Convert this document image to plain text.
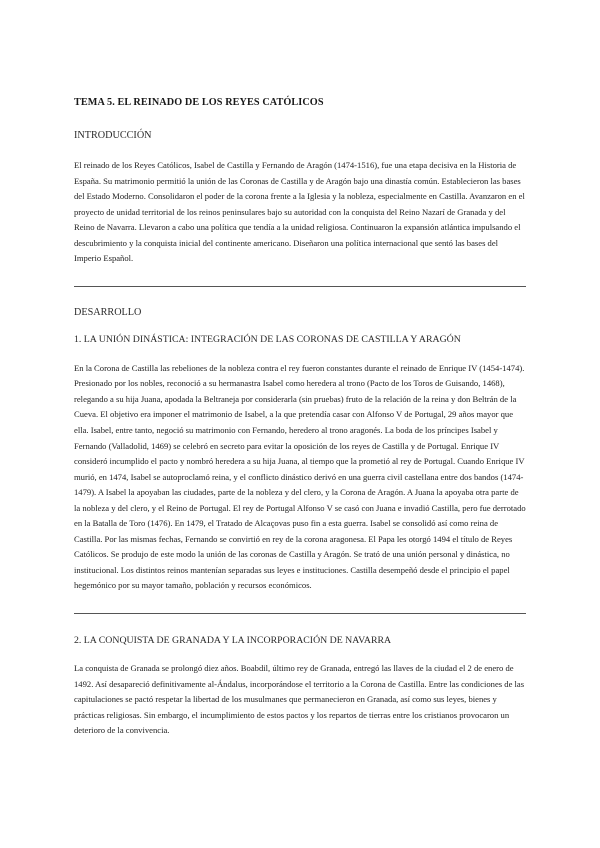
TEMA 5. EL REINADO DE LOS REYES CATÓLICOS
INTRODUCCIÓN

El reinado de los Reyes Católicos, Isabel de Castilla y Fernando de Aragón (1474-1516), fue una etapa decisiva en la Historia de España. Su matrimonio permitió la unión de las Coronas de Castilla y de Aragón bajo una dinastía común. Establecieron las bases del Estado Moderno. Consolidaron el poder de la corona frente a la Iglesia y la nobleza, especialmente en Castilla. Avanzaron en el proyecto de unidad territorial de los reinos peninsulares bajo su autoridad con la conquista del Reino Nazarí de Granada y del Reino de Navarra. Llevaron a cabo una política que tendía a la unidad religiosa. Continuaron la expansión atlántica impulsando el descubrimiento y la conquista inicial del continente americano. Diseñaron una política internacional que sentó las bases del Imperio Español.

DESARROLLO
1. LA UNIÓN DINÁSTICA: INTEGRACIÓN DE LAS CORONAS DE CASTILLA Y ARAGÓN

En la Corona de Castilla las rebeliones de la nobleza contra el rey fueron constantes durante el reinado de Enrique IV (1454-1474). Presionado por los nobles, reconoció a su hermanastra Isabel como heredera al trono (Pacto de los Toros de Guisando, 1468), relegando a su hija Juana, apodada la Beltraneja por considerarla (sin pruebas) fruto de la relación de la reina y don Beltrán de la Cueva. El objetivo era imponer el matrimonio de Isabel, a la que pretendía casar con Alfonso V de Portugal, 29 años mayor que ella. Isabel, entre tanto, negoció su matrimonio con Fernando, heredero al trono aragonés. La boda de los príncipes Isabel y Fernando (Valladolid, 1469) se celebró en secreto para evitar la oposición de los reyes de Castilla y de Portugal. Enrique IV consideró incumplido el pacto y nombró heredera a su hija Juana, al tiempo que la prometió al rey de Portugal. Cuando Enrique IV murió, en 1474, Isabel se autoproclamó reina, y el conflicto dinástico derivó en una guerra civil castellana entre dos bandos (1474-1479). A Isabel la apoyaban las ciudades, parte de la nobleza y del clero, y la Corona de Aragón. A Juana la apoyaba otra parte de la nobleza y del clero, y el Reino de Portugal. El rey de Portugal Alfonso V se casó con Juana e invadió Castilla, pero fue derrotado en la Batalla de Toro (1476). En 1479, el Tratado de Alcaçovas puso fin a esta guerra. Isabel se consolidó así como reina de Castilla. Por las mismas fechas, Fernando se convirtió en rey de la corona aragonesa. El Papa les otorgó 1494 el título de Reyes Católicos. Se produjo de este modo la unión de las coronas de Castilla y Aragón. Se trató de una unión personal y dinástica, no institucional. Los distintos reinos mantenían separadas sus leyes e instituciones. Castilla desempeñó desde el principio el papel hegemónico por su mayor tamaño, población y recursos económicos.

2. LA CONQUISTA DE GRANADA Y LA INCORPORACIÓN DE NAVARRA

La conquista de Granada se prolongó diez años. Boabdil, último rey de Granada, entregó las llaves de la ciudad el 2 de enero de 1492. Así desapareció definitivamente al-Ándalus, incorporándose el territorio a la Corona de Castilla. Entre las condiciones de las capitulaciones se pactó respetar la libertad de los musulmanes que permanecieron en Granada, así como sus leyes, bienes y prácticas religiosas. Sin embargo, el incumplimiento de estos pactos y los repartos de tierras entre los cristianos provocaron un deterioro de la convivencia.
